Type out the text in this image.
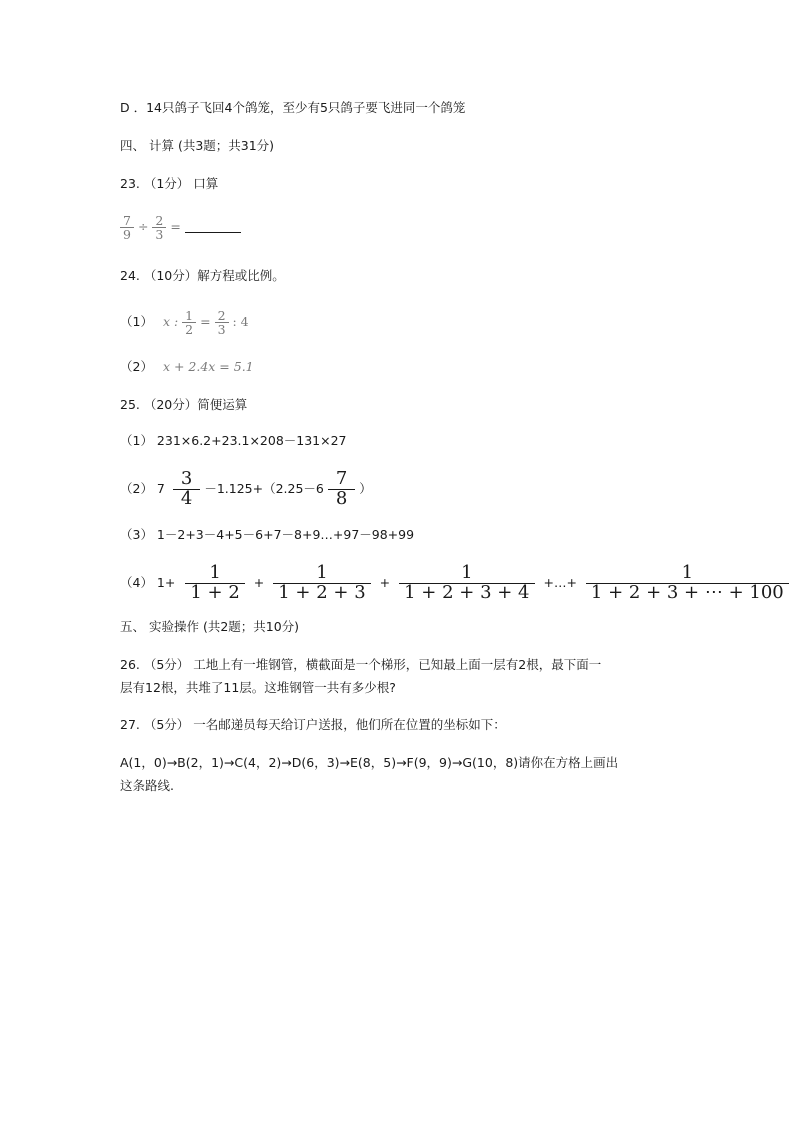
D ．14只鸽子飞回4个鸽笼，至少有5只鸽子要飞进同一个鸽笼
四、 计算 (共3题；共31分)
23. （1分） 口算
$\frac{7}{9} \div \frac{2}{3}$ =
24. （10分）解方程或比例。
（1） x : $\frac{1}{2} = \frac{2}{3}$ : 4
（2） x + 2.4x = 5.1
25. （20分）简便运算
（1） 231×6.2+23.1×208－131×27
（2） $7 \frac{3}{4} -1.125+(2.25-6 \frac{7}{8}$ ）
（3） 1－2+3－4+5－6+7－8+9…+97－98+99
（4） $1+ \frac{1}{1 + 2} + \frac{1}{1 + 2 + 3} + \frac{1}{1 + 2 + 3 + 4}$ +…+ $\frac{1}{1 + 2 + 3 + \cdots + 100}$
五、 实验操作 (共2题；共10分)
26. （5分） 工地上有一堆钢管，横截面是一个梯形，已知最上面一层有2根，最下面一
层有12根，共堆了11层。这堆钢管一共有多少根?
27. （5分） 一名邮递员每天给订户送报，他们所在位置的坐标如下：
A(1，0)→B(2，1)→C(4，2)→D(6，3)→E(8，5)→F(9，9)→G(10，8)请你在方格上画出
这条路线.
